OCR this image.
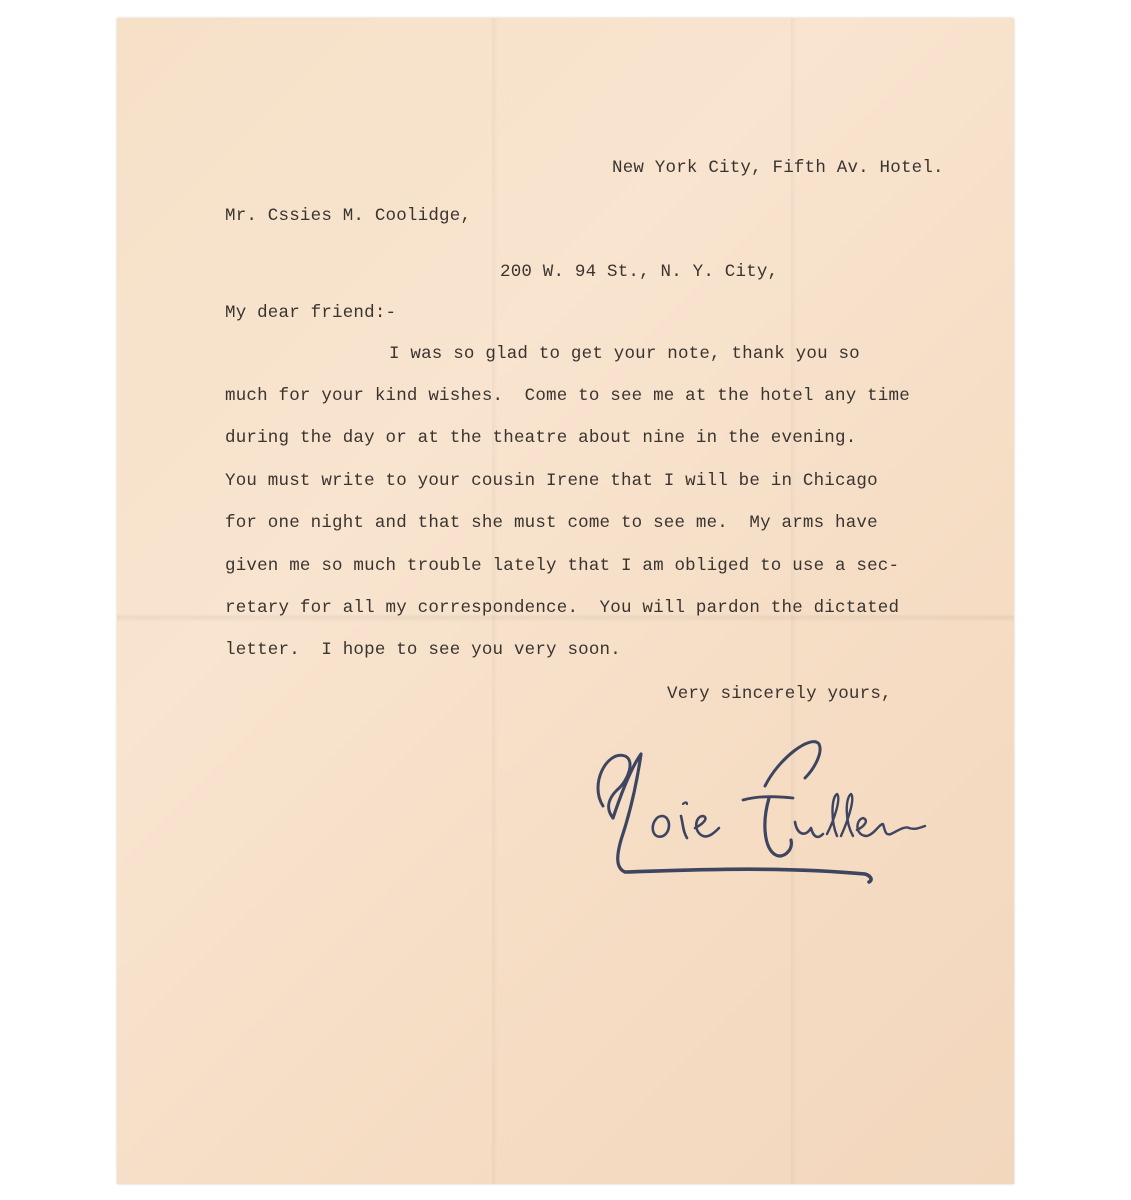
New York City, Fifth Av. Hotel.

Mr. Cssies M. Coolidge,

200 W. 94 St., N. Y. City,

My dear friend:-

I was so glad to get your note, thank you so

much for your kind wishes.  Come to see me at the hotel any time

during the day or at the theatre about nine in the evening.

You must write to your cousin Irene that I will be in Chicago

for one night and that she must come to see me.  My arms have

given me so much trouble lately that I am obliged to use a sec-

retary for all my correspondence.  You will pardon the dictated

letter.  I hope to see you very soon.

Very sincerely yours,
